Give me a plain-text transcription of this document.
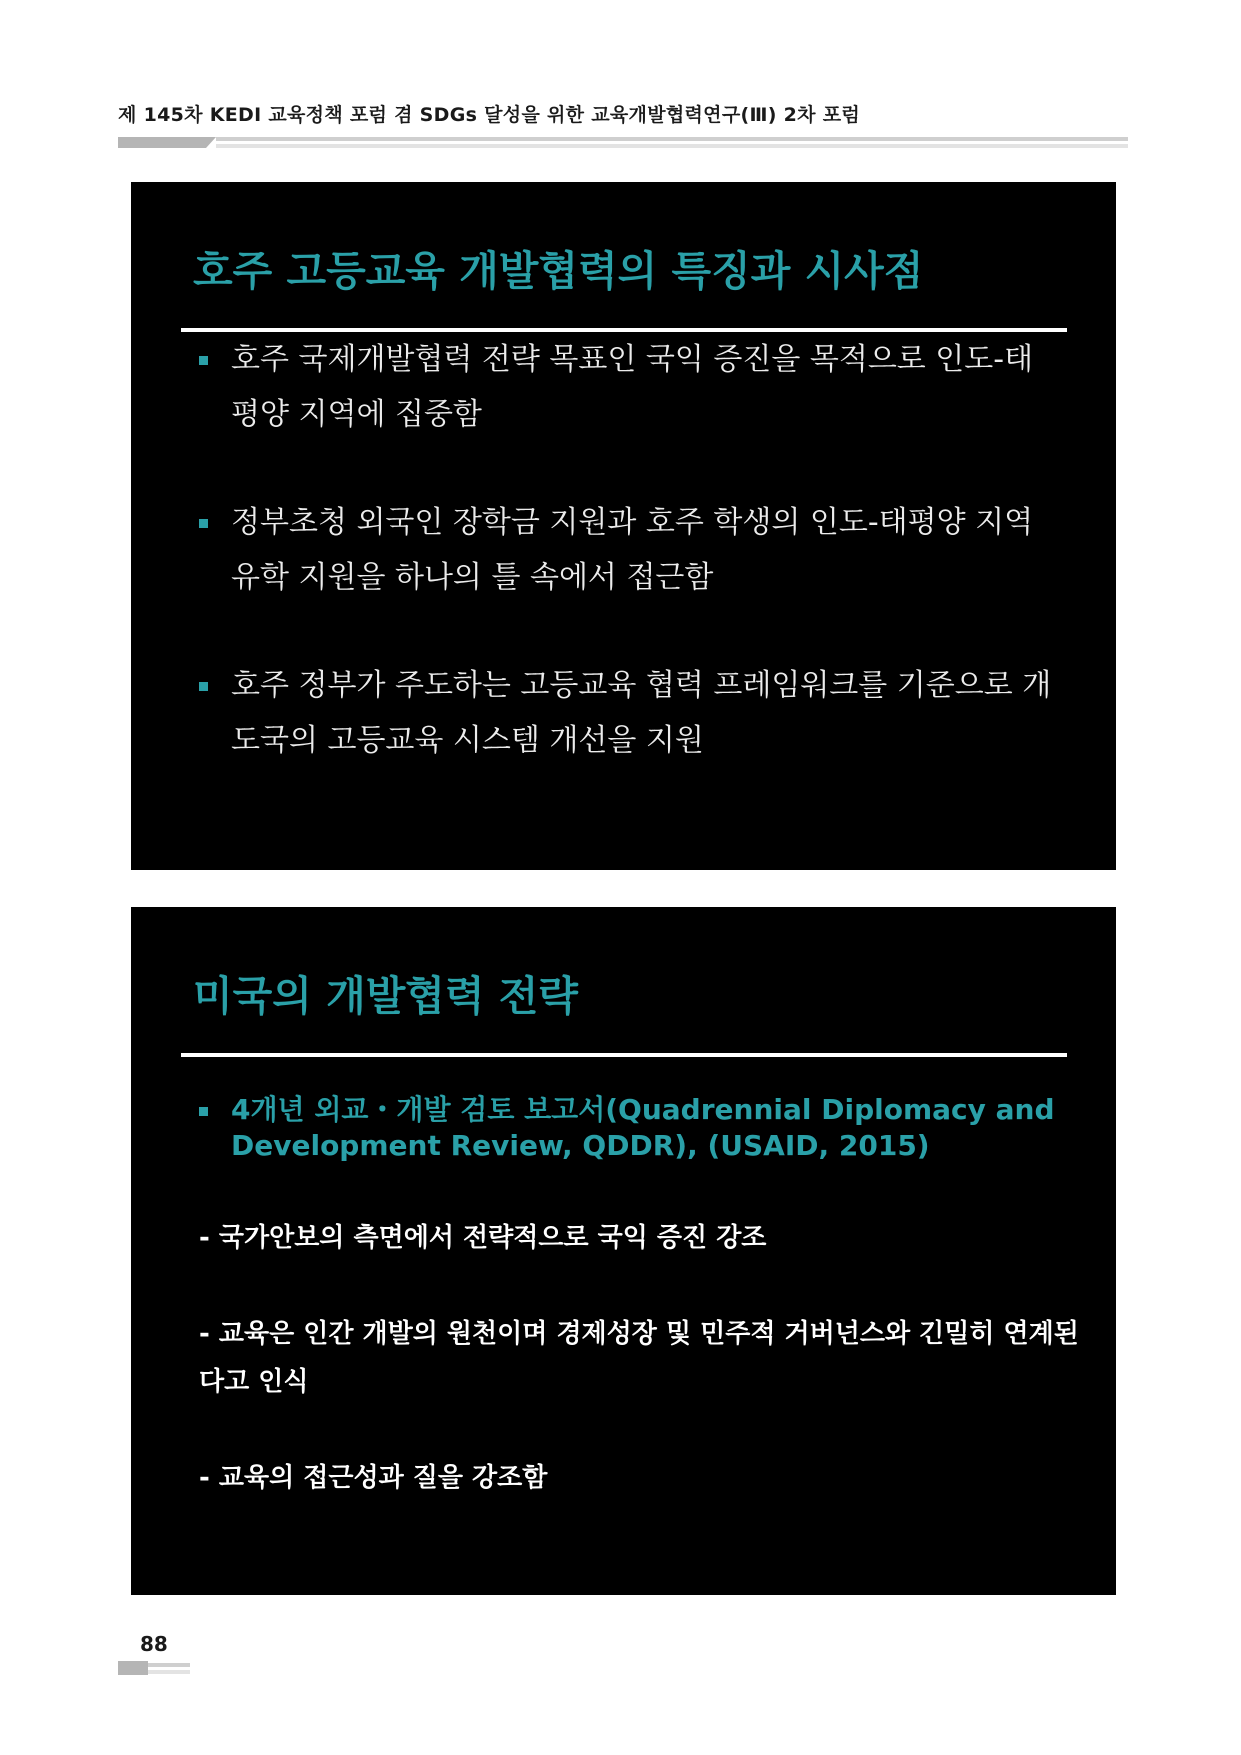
제 145차 KEDI 교육정책 포럼 겸 SDGs 달성을 위한 교육개발협력연구(Ⅲ) 2차 포럼
호주 고등교육 개발협력의 특징과 시사점
호주 국제개발협력 전략 목표인 국익 증진을 목적으로 인도-태평양 지역에 집중함
정부초청 외국인 장학금 지원과 호주 학생의 인도-태평양 지역 유학 지원을 하나의 틀 속에서 접근함
호주 정부가 주도하는 고등교육 협력 프레임워크를 기준으로 개도국의 고등교육 시스템 개선을 지원
미국의 개발협력 전략
4개년 외교・개발 검토 보고서(Quadrennial Diplomacy and Development Review, QDDR), (USAID, 2015)
- 국가안보의 측면에서 전략적으로 국익 증진 강조
- 교육은 인간 개발의 원천이며 경제성장 및 민주적 거버넌스와 긴밀히 연계된다고 인식
- 교육의 접근성과 질을 강조함
88
